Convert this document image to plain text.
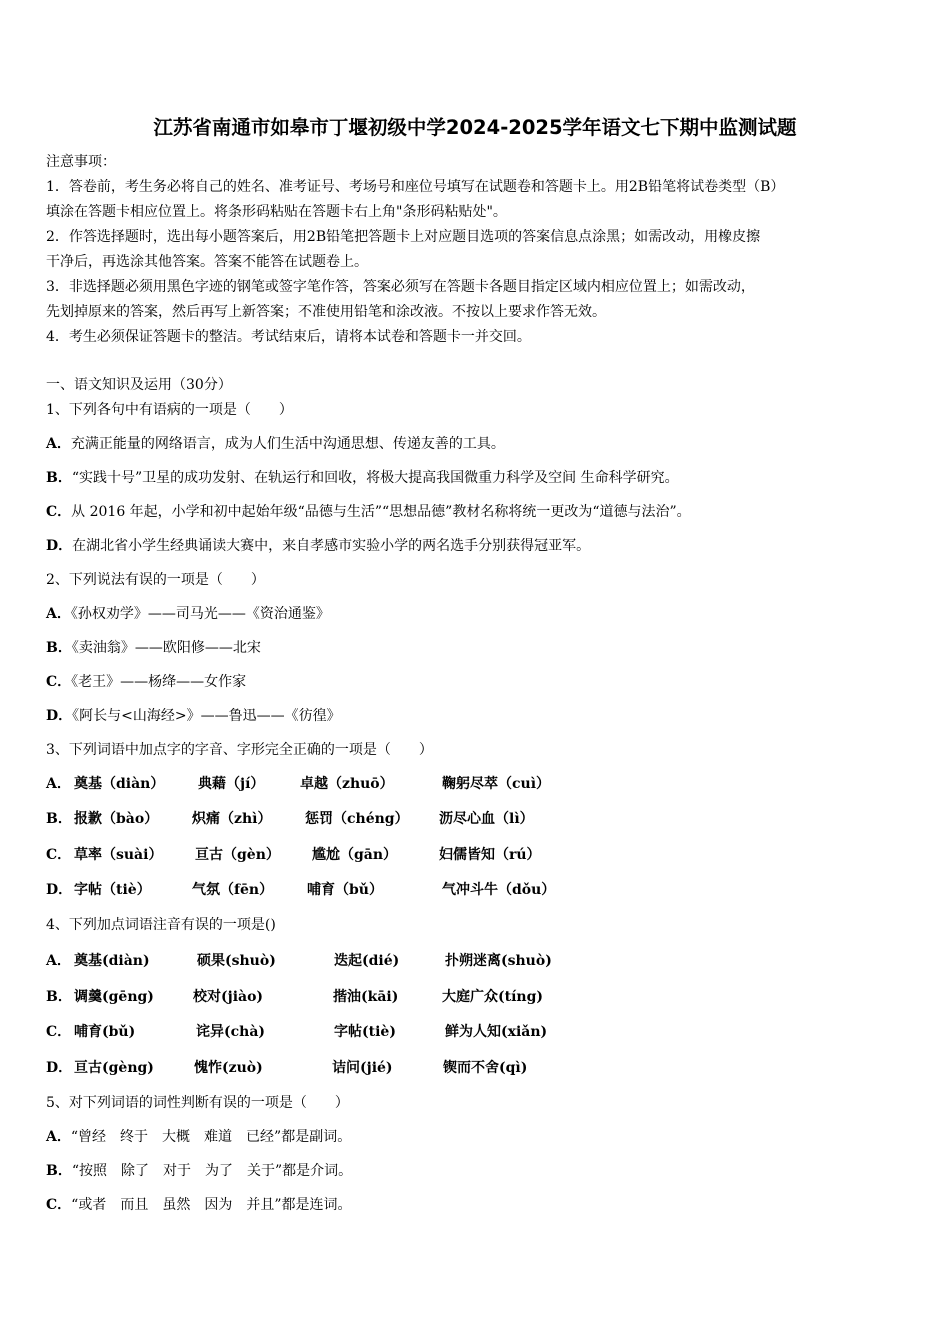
江苏省南通市如皋市丁堰初级中学2024-2025学年语文七下期中监测试题

注意事项：

1．答卷前，考生务必将自己的姓名、准考证号、考场号和座位号填写在试题卷和答题卡上。用2B铅笔将试卷类型（B）

填涂在答题卡相应位置上。将条形码粘贴在答题卡右上角"条形码粘贴处"。

2．作答选择题时，选出每小题答案后，用2B铅笔把答题卡上对应题目选项的答案信息点涂黑；如需改动，用橡皮擦

干净后，再选涂其他答案。答案不能答在试题卷上。

3．非选择题必须用黑色字迹的钢笔或签字笔作答，答案必须写在答题卡各题目指定区域内相应位置上；如需改动，

先划掉原来的答案，然后再写上新答案；不准使用铅笔和涂改液。不按以上要求作答无效。

4．考生必须保证答题卡的整洁。考试结束后，请将本试卷和答题卡一并交回。

一、语文知识及运用（30分）
1、下列各句中有语病的一项是（　　）
A．充满正能量的网络语言，成为人们生活中沟通思想、传递友善的工具。
B．“实践十号”卫星的成功发射、在轨运行和回收，将极大提高我国微重力科学及空间 生命科学研究。
C．从 2016 年起，小学和初中起始年级“品德与生活”“思想品德”教材名称将统一更改为“道德与法治”。
D．在湖北省小学生经典诵读大赛中，来自孝感市实验小学的两名选手分别获得冠亚军。
2、下列说法有误的一项是（　　）
A．《孙权劝学》——司马光——《资治通鉴》
B．《卖油翁》——欧阳修——北宋
C．《老王》——杨绛——女作家
D．《阿长与<山海经>》——鲁迅——《彷徨》
3、下列词语中加点字的字音、字形完全正确的一项是（　　）
A． 奠基（diàn） 典藉（jí）	卓越（zhuō）	鞠躬尽萃（cuì）
B． 报歉（bào） 炽痛（zhì） 惩罚（chéng） 沥尽心血（lì）
C． 草率（suài） 亘古（gèn） 尴尬（gān）	妇儒皆知（rú）
D． 字帖（tiè）	气氛（fēn） 哺育（bǔ）	气冲斗牛（dǒu）
4、下列加点词语注音有误的一项是()
A． 奠基(diàn)	硕果(shuò)	迭起(dié)	扑朔迷离(shuò)
B． 调羹(gēng)	校对(jiào)	揩油(kāi)	大庭广众(tíng)
C． 哺育(bǔ)	诧异(chà)	字帖(tiè)	鲜为人知(xiǎn)
D． 亘古(gèng)	愧怍(zuò)	诘问(jié)	锲而不舍(qì)
5、对下列词语的词性判断有误的一项是（　　）
A．“曾经　终于　大概　难道　已经”都是副词。
B．“按照　除了　对于　为了　关于”都是介词。
C．“或者　而且　虽然　因为　并且”都是连词。
